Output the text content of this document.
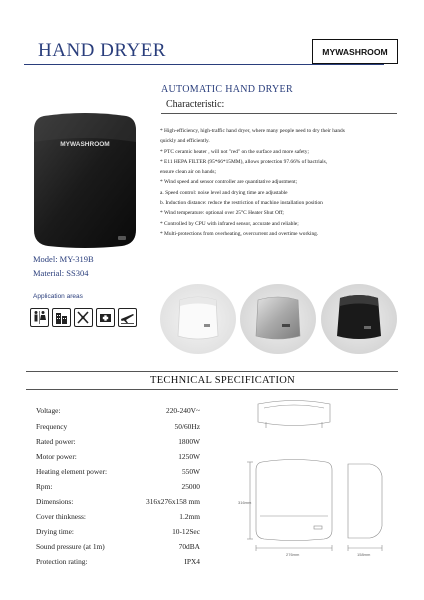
HAND DRYER	MYWASHROOM
MYWASHROOM
AUTOMATIC HAND DRYER
Characteristic:
* High-efficiency, high-traffic hand dryer, where many people need to dry their hands
quickly and efficiently.
* PTC ceramic heater , will not "red" on the surface and more safety;
* E11 HEPA FILTER (95*66*15MM), allows protection 97.66% of bactrials,
ensure clean air on hands;
* Wind speed and sensor controller are quantitative adjustment;
a. Speed control: noise level and drying time are adjustable
b. Induction distance: reduce the restriction of machine installation position
* Wind temperature: optional over 25°C Heater Shut Off;
* Controlled by CPU with infrared sensor, accurate and reliable;
* Multi-protections from overheating, overcurrent and overtime working.
Model: MY-319B
Material: SS304
Application areas
TECHNICAL SPECIFICATION
Voltage:	220-240V~
Frequency	50/60Hz
Rated power:	1800W
Motor power:	1250W
Heating element power:	550W
Rpm:	25000
Dimensions:	316x276x158 mm
Cover thinkness:	1.2mm
Drying time:	10-12Sec
Sound pressure (at 1m)	70dBA
Protection rating:	IPX4
316mm
276mm	158mm
